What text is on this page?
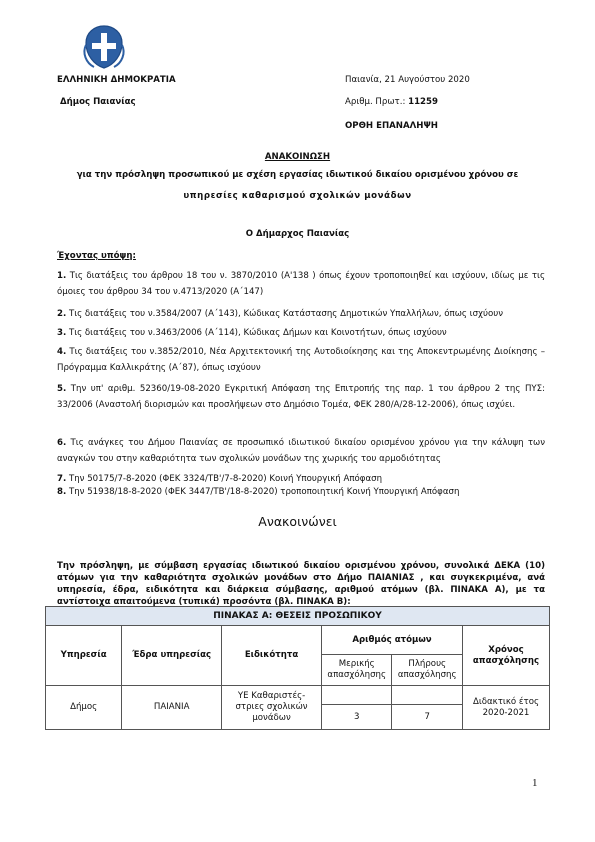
ΕΛΛΗΝΙΚΗ ΔΗΜΟΚΡΑΤΙΑ
Δήμος Παιανίας
Παιανία, 21 Αυγούστου 2020
Αριθμ. Πρωτ.: 11259
ΟΡΘΗ ΕΠΑΝΑΛΗΨΗ
ΑΝΑΚΟΙΝΩΣΗ
για την πρόσληψη προσωπικού με σχέση εργασίας ιδιωτικού δικαίου ορισμένου χρόνου σε
υπηρεσίες καθαρισμού σχολικών μονάδων
Ο Δήμαρχος Παιανίας
Έχοντας υπόψη:
1. Τις διατάξεις του άρθρου 18 του ν. 3870/2010 (Α'138 ) όπως έχουν τροποποιηθεί και ισχύουν, ιδίως με τις όμοιες του άρθρου 34 του ν.4713/2020 (Α΄147)
2. Τις διατάξεις του ν.3584/2007 (Α΄143), Κώδικας Κατάστασης Δημοτικών Υπαλλήλων, όπως ισχύουν
3. Τις διατάξεις του ν.3463/2006 (Α΄114), Κώδικας Δήμων και Κοινοτήτων, όπως ισχύουν
4. Τις διατάξεις του ν.3852/2010, Νέα Αρχιτεκτονική της Αυτοδιοίκησης και της Αποκεντρωμένης Διοίκησης – Πρόγραμμα Καλλικράτης (Α΄87), όπως ισχύουν
5. Την υπ' αριθμ. 52360/19-08-2020 Εγκριτική Απόφαση της Επιτροπής της παρ. 1 του άρθρου 2 της ΠΥΣ: 33/2006 (Αναστολή διορισμών και προσλήψεων στο Δημόσιο Τομέα, ΦΕΚ 280/Α/28-12-2006), όπως ισχύει.
6. Τις ανάγκες του Δήμου Παιανίας σε προσωπικό ιδιωτικού δικαίου ορισμένου χρόνου για την κάλυψη των αναγκών του στην καθαριότητα των σχολικών μονάδων της χωρικής του αρμοδιότητας
7. Την 50175/7-8-2020 (ΦΕΚ 3324/ΤΒ'/7-8-2020) Κοινή Υπουργική Απόφαση
8. Την 51938/18-8-2020 (ΦΕΚ 3447/ΤΒ'/18-8-2020) τροποποιητική Κοινή Υπουργική Απόφαση
Ανακοινώνει
Την πρόσληψη, με σύμβαση εργασίας ιδιωτικού δικαίου ορισμένου χρόνου, συνολικά ΔΕΚΑ (10) ατόμων για την καθαριότητα σχολικών μονάδων στο Δήμο ΠΑΙΑΝΙΑΣ , και συγκεκριμένα, ανά υπηρεσία, έδρα, ειδικότητα και διάρκεια σύμβασης, αριθμού ατόμων (βλ. ΠΙΝΑΚΑ Α), με τα αντίστοιχα απαιτούμενα (τυπικά) προσόντα (βλ. ΠΙΝΑΚΑ Β):
ΠΙΝΑΚΑΣ Α: ΘΕΣΕΙΣ ΠΡΟΣΩΠΙΚΟΥ					
Υπηρεσία	Έδρα υπηρεσίας	Ειδικότητα	Αριθμός ατόμων		Χρόνος απασχόλησης
			Μερικής απασχόλησης	Πλήρους απασχόλησης	
Δήμος	ΠΑΙΑΝΙΑ	ΥΕ Καθαριστές-στριες σχολικών μονάδων			Διδακτικό έτος 2020-2021
			3	7	
1
